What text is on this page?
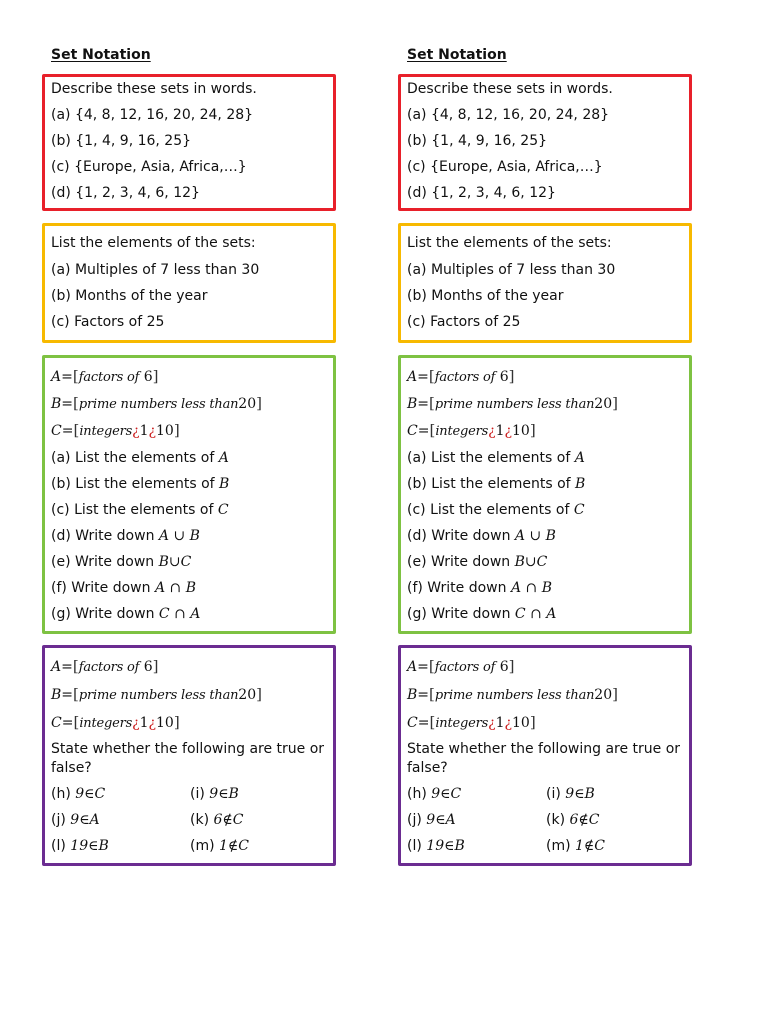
Set Notation
Describe these sets in words.
(a) {4, 8, 12, 16, 20, 24, 28}
(b) {1, 4, 9, 16, 25}
(c) {Europe, Asia, Africa,…}
(d) {1, 2, 3, 4, 6, 12}
List the elements of the sets:
(a) Multiples of 7 less than 30
(b) Months of the year
(c) Factors of 25
A=[factors of 6]
B=[prime numbers less than20]
C=[integers¿1¿10]
(a) List the elements of A
(b) List the elements of B
(c) List the elements of C
(d) Write down A ∪ B
(e) Write down B∪C
(f) Write down A ∩ B
(g) Write down C ∩ A
A=[factors of 6]
B=[prime numbers less than20]
C=[integers¿1¿10]
State whether the following are true or false?
(h) 9∈C	(i) 9∈B
(j) 9∈A	(k) 6∉C
(l) 19∈B	(m) 1∉C
Set Notation
Describe these sets in words.
(a) {4, 8, 12, 16, 20, 24, 28}
(b) {1, 4, 9, 16, 25}
(c) {Europe, Asia, Africa,…}
(d) {1, 2, 3, 4, 6, 12}
List the elements of the sets:
(a) Multiples of 7 less than 30
(b) Months of the year
(c) Factors of 25
A=[factors of 6]
B=[prime numbers less than20]
C=[integers¿1¿10]
(a) List the elements of A
(b) List the elements of B
(c) List the elements of C
(d) Write down A ∪ B
(e) Write down B∪C
(f) Write down A ∩ B
(g) Write down C ∩ A
A=[factors of 6]
B=[prime numbers less than20]
C=[integers¿1¿10]
State whether the following are true or false?
(h) 9∈C	(i) 9∈B
(j) 9∈A	(k) 6∉C
(l) 19∈B	(m) 1∉C
